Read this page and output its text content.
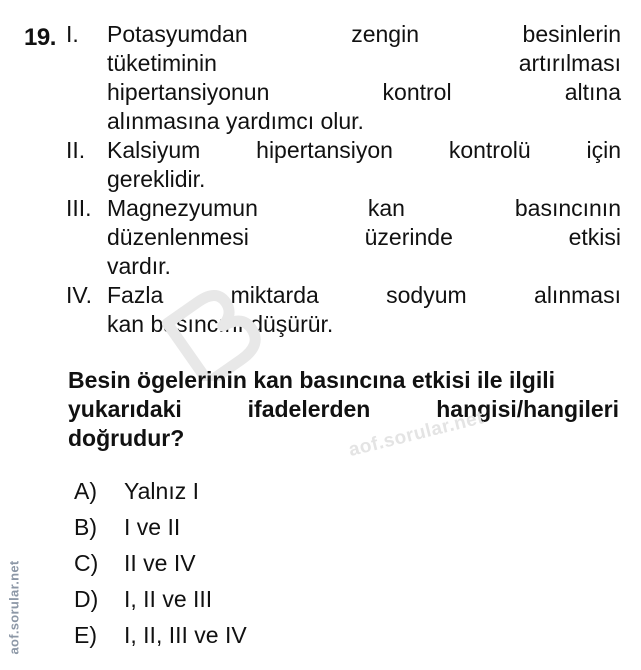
19. I. Potasyumdan	zengin	besinlerin
tüketiminin	artırılması
hipertansiyonun	kontrol	altına
alınmasına yardımcı olur.
II. Kalsiyum hipertansiyon kontrolü için
gereklidir.
III. Magnezyumun	kan	basıncının
düzenlenmesi	üzerinde	etkisi
vardır.
IV. Fazla	miktarda	sodyum	alınması
kan basıncını düşürür.
Besin ögelerinin kan basıncına etkisi ile ilgili
yukarıdaki	ifadelerden	hangisi/hangileri
doğrudur?	aof.sorular.net
A)	Yalnız I
B)	I ve II
C)	II ve IV
D)	I, II ve III
E)	I, II, III ve IV
aof.sorular.net
